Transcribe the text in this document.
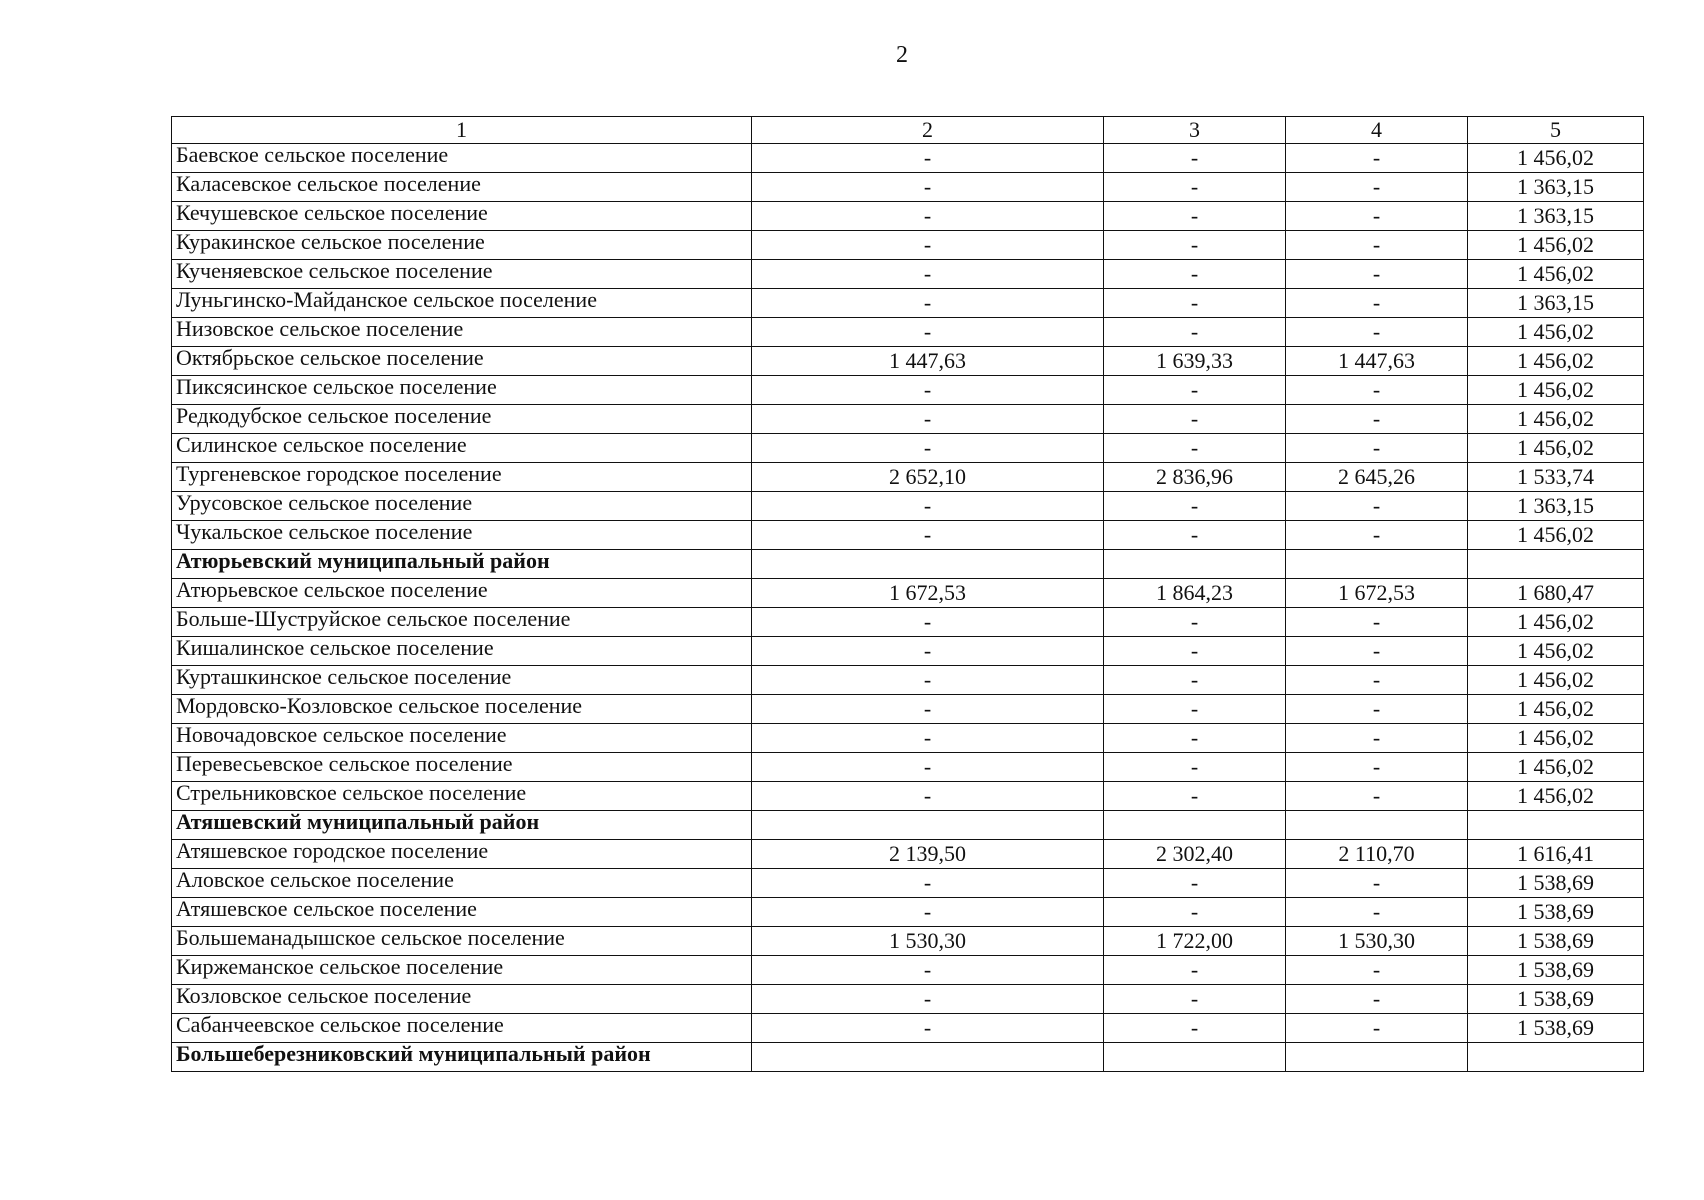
2
1	2	3	4	5
Баевское сельское поселение	-	-	-	1 456,02
Каласевское сельское поселение	-	-	-	1 363,15
Кечушевское сельское поселение	-	-	-	1 363,15
Куракинское сельское поселение	-	-	-	1 456,02
Кученяевское сельское поселение	-	-	-	1 456,02
Луньгинско-Майданское сельское поселение	-	-	-	1 363,15
Низовское сельское поселение	-	-	-	1 456,02
Октябрьское сельское поселение	1 447,63	1 639,33	1 447,63	1 456,02
Пиксясинское сельское поселение	-	-	-	1 456,02
Редкодубское сельское поселение	-	-	-	1 456,02
Силинское сельское поселение	-	-	-	1 456,02
Тургеневское городское поселение	2 652,10	2 836,96	2 645,26	1 533,74
Урусовское сельское поселение	-	-	-	1 363,15
Чукальское сельское поселение	-	-	-	1 456,02
Атюрьевский муниципальный район				
Атюрьевское сельское поселение	1 672,53	1 864,23	1 672,53	1 680,47
Больше-Шуструйское сельское поселение	-	-	-	1 456,02
Кишалинское сельское поселение	-	-	-	1 456,02
Курташкинское сельское поселение	-	-	-	1 456,02
Мордовско-Козловское сельское поселение	-	-	-	1 456,02
Новочадовское сельское поселение	-	-	-	1 456,02
Перевесьевское сельское поселение	-	-	-	1 456,02
Стрельниковское сельское поселение	-	-	-	1 456,02
Атяшевский муниципальный район				
Атяшевское городское поселение	2 139,50	2 302,40	2 110,70	1 616,41
Аловское сельское поселение	-	-	-	1 538,69
Атяшевское сельское поселение	-	-	-	1 538,69
Большеманадышское сельское поселение	1 530,30	1 722,00	1 530,30	1 538,69
Киржеманское сельское поселение	-	-	-	1 538,69
Козловское сельское поселение	-	-	-	1 538,69
Сабанчеевское сельское поселение	-	-	-	1 538,69
Большеберезниковский муниципальный район				
